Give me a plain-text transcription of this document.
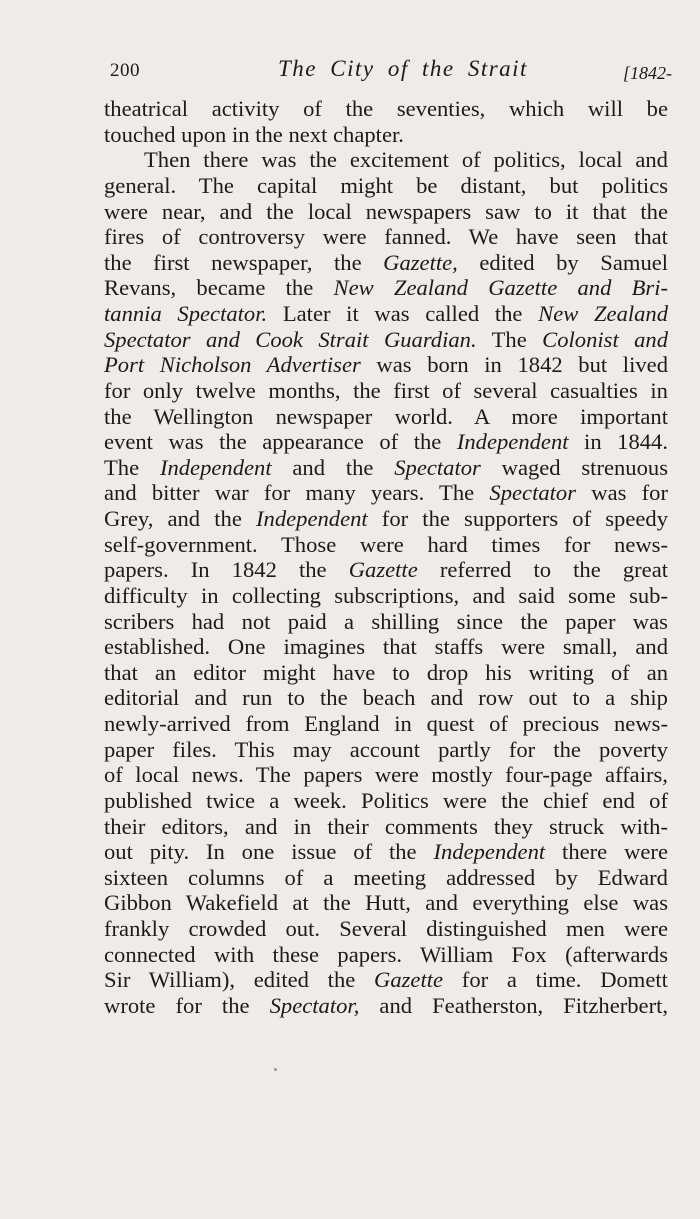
200	The City of the Strait	[1842-
theatrical activity of the seventies, which will be
touched upon in the next chapter.
Then there was the excitement of politics, local and
general. The capital might be distant, but politics
were near, and the local newspapers saw to it that the
fires of controversy were fanned. We have seen that
the first newspaper, the Gazette, edited by Samuel
Revans, became the New Zealand Gazette and Bri-
tannia Spectator. Later it was called the New Zealand
Spectator and Cook Strait Guardian. The Colonist and
Port Nicholson Advertiser was born in 1842 but lived
for only twelve months, the first of several casualties in
the Wellington newspaper world. A more important
event was the appearance of the Independent in 1844.
The Independent and the Spectator waged strenuous
and bitter war for many years. The Spectator was for
Grey, and the Independent for the supporters of speedy
self-government. Those were hard times for news-
papers. In 1842 the Gazette referred to the great
difficulty in collecting subscriptions, and said some sub-
scribers had not paid a shilling since the paper was
established. One imagines that staffs were small, and
that an editor might have to drop his writing of an
editorial and run to the beach and row out to a ship
newly-arrived from England in quest of precious news-
paper files. This may account partly for the poverty
of local news. The papers were mostly four-page affairs,
published twice a week. Politics were the chief end of
their editors, and in their comments they struck with-
out pity. In one issue of the Independent there were
sixteen columns of a meeting addressed by Edward
Gibbon Wakefield at the Hutt, and everything else was
frankly crowded out. Several distinguished men were
connected with these papers. William Fox (afterwards
Sir William), edited the Gazette for a time. Domett
wrote for the Spectator, and Featherston, Fitzherbert,
